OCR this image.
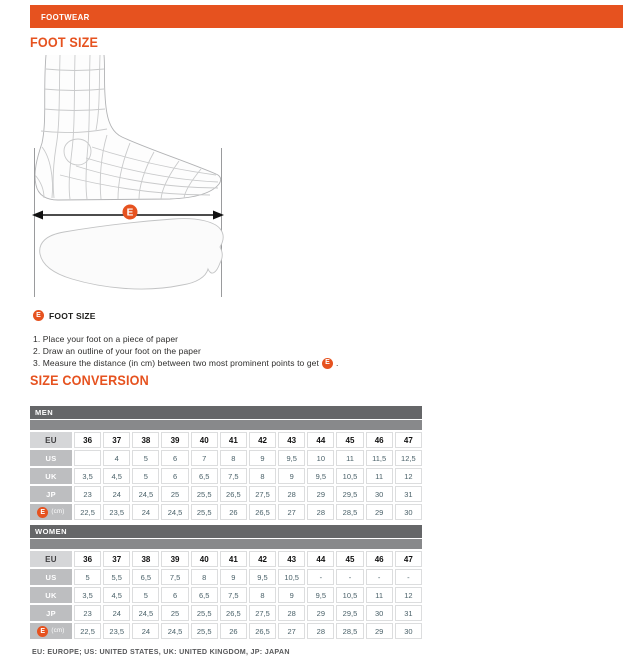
FOOTWEAR
FOOT SIZE
E
E FOOT SIZE
1. Place your foot on a piece of paper
2. Draw an outline of your foot on the paper
3. Measure the distance (in cm) between two most prominent points to get E .
SIZE CONVERSION
MEN
EU	36	37	38	39	40	41	42	43	44	45	46	47
US		4	5	6	7	8	9	9,5	10	11	11,5	12,5
UK	3,5	4,5	5	6	6,5	7,5	8	9	9,5	10,5	11	12
JP	23	24	24,5	25	25,5	26,5	27,5	28	29	29,5	30	31

E (cm)	22,5	23,5	24	24,5	25,5	26	26,5	27	28	28,5	29	30
WOMEN
EU	36	37	38	39	40	41	42	43	44	45	46	47
US	5	5,5	6,5	7,5	8	9	9,5	10,5	-	-	-	-
UK	3,5	4,5	5	6	6,5	7,5	8	9	9,5	10,5	11	12
JP	23	24	24,5	25	25,5	26,5	27,5	28	29	29,5	30	31

E (cm)	22,5	23,5	24	24,5	25,5	26	26,5	27	28	28,5	29	30
EU: EUROPE; US: UNITED STATES, UK: UNITED KINGDOM, JP: JAPAN
